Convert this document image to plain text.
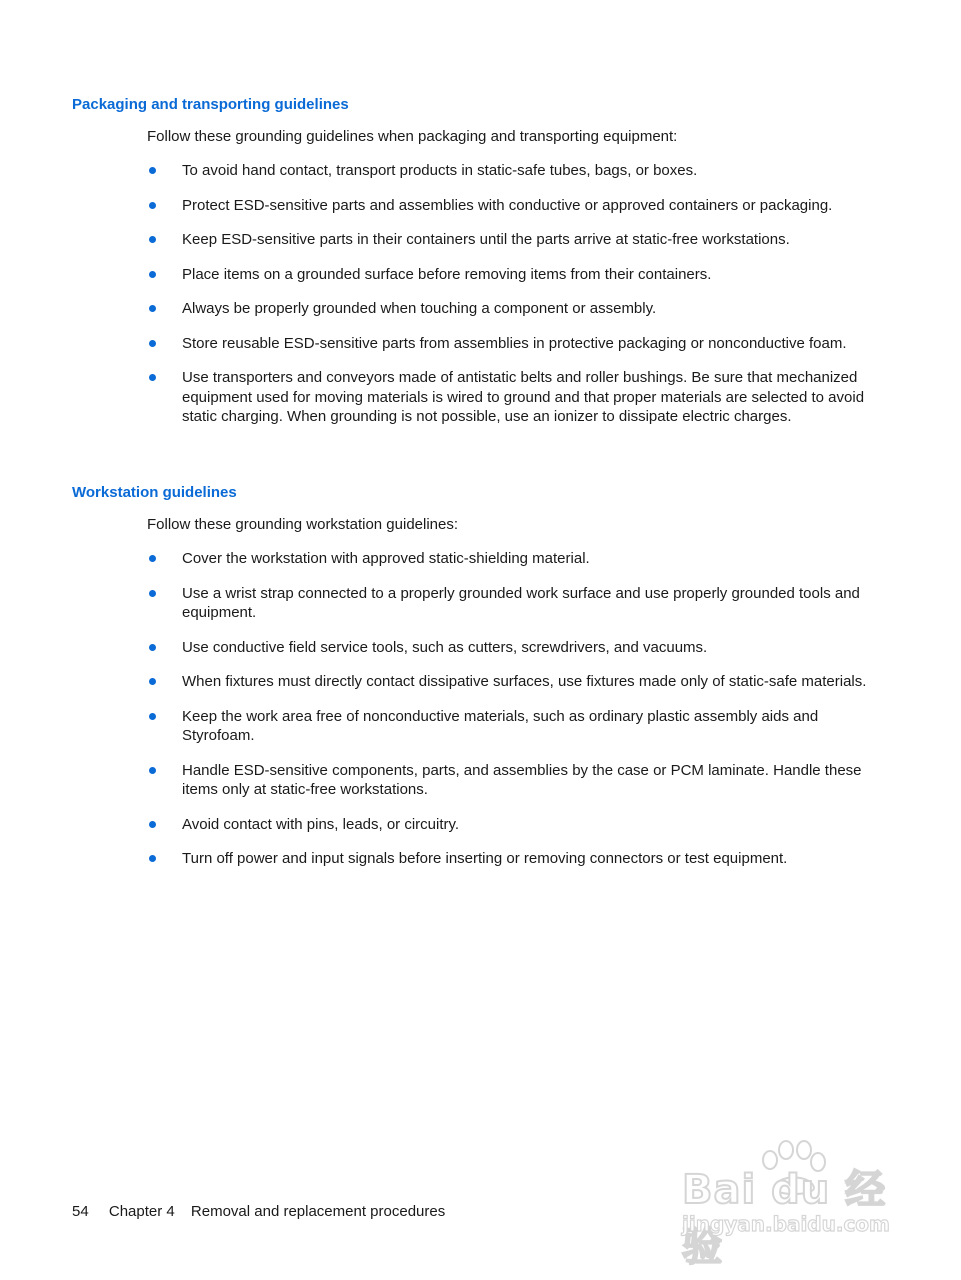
Packaging and transporting guidelines

Follow these grounding guidelines when packaging and transporting equipment:

To avoid hand contact, transport products in static-safe tubes, bags, or boxes.
Protect ESD-sensitive parts and assemblies with conductive or approved containers or packaging.
Keep ESD-sensitive parts in their containers until the parts arrive at static-free workstations.
Place items on a grounded surface before removing items from their containers.
Always be properly grounded when touching a component or assembly.
Store reusable ESD-sensitive parts from assemblies in protective packaging or nonconductive foam.
Use transporters and conveyors made of antistatic belts and roller bushings. Be sure that mechanized equipment used for moving materials is wired to ground and that proper materials are selected to avoid static charging. When grounding is not possible, use an ionizer to dissipate electric charges.
Workstation guidelines

Follow these grounding workstation guidelines:

Cover the workstation with approved static-shielding material.
Use a wrist strap connected to a properly grounded work surface and use properly grounded tools and equipment.
Use conductive field service tools, such as cutters, screwdrivers, and vacuums.
When fixtures must directly contact dissipative surfaces, use fixtures made only of static-safe materials.
Keep the work area free of nonconductive materials, such as ordinary plastic assembly aids and Styrofoam.
Handle ESD-sensitive components, parts, and assemblies by the case or PCM laminate. Handle these items only at static-free workstations.
Avoid contact with pins, leads, or circuitry.
Turn off power and input signals before inserting or removing connectors or test equipment.
54 Chapter 4 Removal and replacement procedures	Bai du 经验
jingyan.baidu.com
